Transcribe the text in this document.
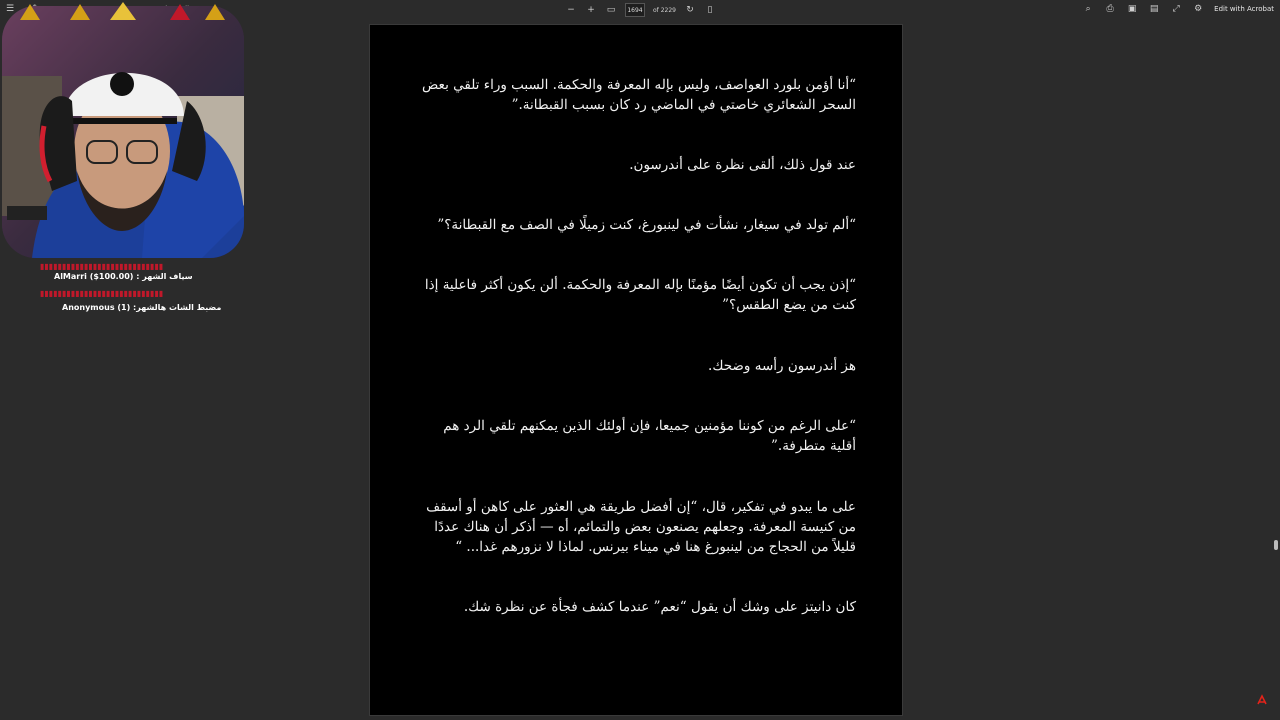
☰	− + ▭	1694	of 2229 ↻	▯	⌕	⎙ ▣ ▤ ⤢ ⚙ Edit with Acrobat

“أنا أؤمن بلورد العواصف، وليس بإله المعرفة والحكمة. السبب وراء تلقي بعض السحر الشعائري خاصتي في الماضي رد كان بسبب القبطانة.”

عند قول ذلك، ألقى نظرة على أندرسون.

“ألم تولد في سيغار، نشأت في لينبورغ، كنت زميلًا في الصف مع القبطانة؟”

“إذن يجب أن تكون أيضًا مؤمنًا بإله المعرفة والحكمة. ألن يكون أكثر فاعلية إذا كنت من يضع الطقس؟”

هز أندرسون رأسه وضحك.

“على الرغم من كوننا مؤمنين جميعا، فإن أولئك الذين يمكنهم تلقي الرد هم أقلية متطرفة.”

على ما يبدو في تفكير، قال، “إن أفضل طريقة هي العثور على كاهن أو أسقف من كنيسة المعرفة. وجعلهم يصنعون بعض والتمائم، أه — أذكر أن هناك عددًا قليلاً من الحجاج من لينبورغ هنا في ميناء بيرنس. لماذا لا نزورهم غدا... “

كان دانيتز على وشك أن يقول “نعم” عندما كشف فجأة عن نظرة شك.

▮▮▮▮▮▮▮▮▮▮▮▮▮▮▮▮▮▮▮▮▮▮▮▮▮▮▮▮
سياف الشهر : AlMarri ($100.00)
▮▮▮▮▮▮▮▮▮▮▮▮▮▮▮▮▮▮▮▮▮▮▮▮▮▮▮▮
مضبط الشات هالشهر: Anonymous (1)
